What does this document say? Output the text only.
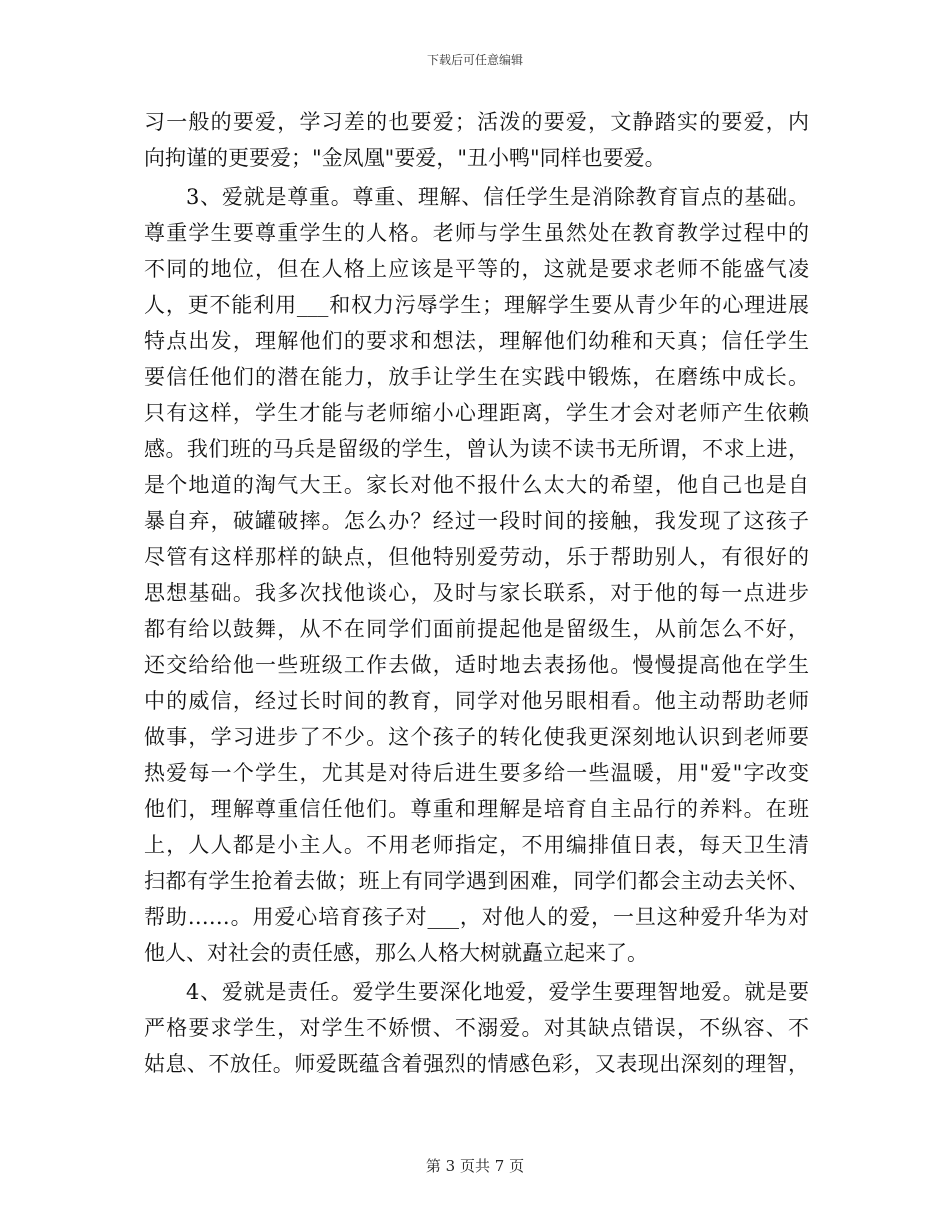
下载后可任意编辑
习一般的要爱，学习差的也要爱；活泼的要爱，文静踏实的要爱，内
向拘谨的更要爱；"金凤凰"要爱，"丑小鸭"同样也要爱。
3、爱就是尊重。尊重、理解、信任学生是消除教育盲点的基础。
尊重学生要尊重学生的人格。老师与学生虽然处在教育教学过程中的
不同的地位，但在人格上应该是平等的，这就是要求老师不能盛气凌
人，更不能利用___和权力污辱学生；理解学生要从青少年的心理进展
特点出发，理解他们的要求和想法，理解他们幼稚和天真；信任学生
要信任他们的潜在能力，放手让学生在实践中锻炼，在磨练中成长。
只有这样，学生才能与老师缩小心理距离，学生才会对老师产生依赖
感。我们班的马兵是留级的学生，曾认为读不读书无所谓，不求上进，
是个地道的淘气大王。家长对他不报什么太大的希望，他自己也是自
暴自弃，破罐破摔。怎么办？经过一段时间的接触，我发现了这孩子
尽管有这样那样的缺点，但他特别爱劳动，乐于帮助别人，有很好的
思想基础。我多次找他谈心，及时与家长联系，对于他的每一点进步
都有给以鼓舞，从不在同学们面前提起他是留级生，从前怎么不好，
还交给给他一些班级工作去做，适时地去表扬他。慢慢提高他在学生
中的威信，经过长时间的教育，同学对他另眼相看。他主动帮助老师
做事，学习进步了不少。这个孩子的转化使我更深刻地认识到老师要
热爱每一个学生，尤其是对待后进生要多给一些温暖，用"爱"字改变
他们，理解尊重信任他们。尊重和理解是培育自主品行的养料。在班
上，人人都是小主人。不用老师指定，不用编排值日表，每天卫生清
扫都有学生抢着去做；班上有同学遇到困难，同学们都会主动去关怀、
帮助……。用爱心培育孩子对___，对他人的爱，一旦这种爱升华为对
他人、对社会的责任感，那么人格大树就矗立起来了。
4、爱就是责任。爱学生要深化地爱，爱学生要理智地爱。就是要
严格要求学生，对学生不娇惯、不溺爱。对其缺点错误，不纵容、不
姑息、不放任。师爱既蕴含着强烈的情感色彩，又表现出深刻的理智，
第 3 页共 7 页
